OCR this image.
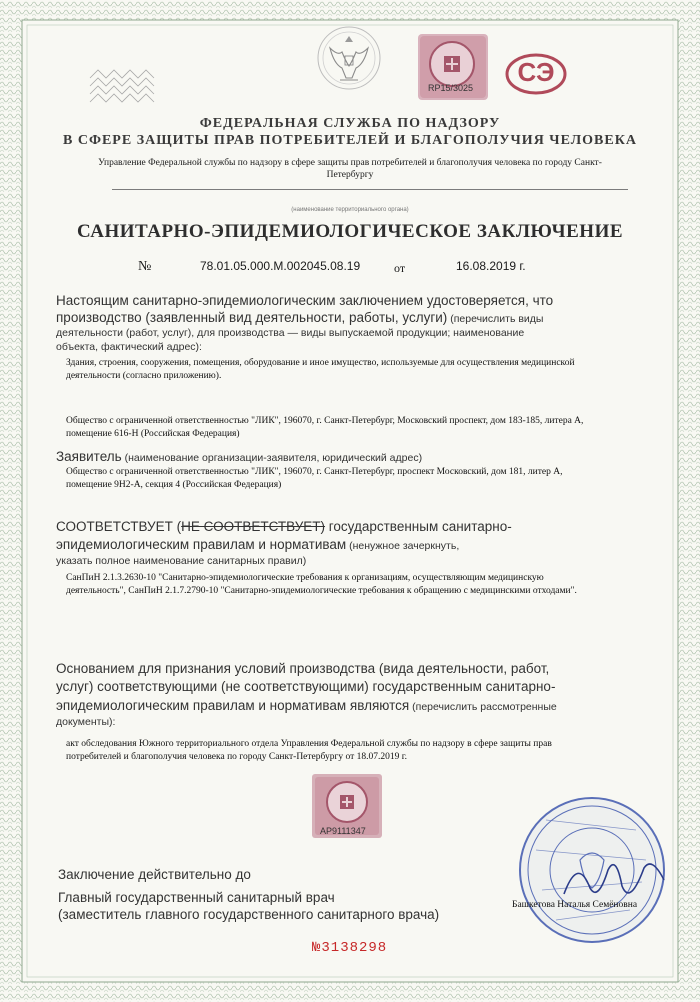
RP15/3025
СЭ
ФЕДЕРАЛЬНАЯ СЛУЖБА ПО НАДЗОРУ
В СФЕРЕ ЗАЩИТЫ ПРАВ ПОТРЕБИТЕЛЕЙ И БЛАГОПОЛУЧИЯ ЧЕЛОВЕКА
Управление Федеральной службы по надзору в сфере защиты прав потребителей и благополучия человека по городу Санкт-Петербургу
(наименование территориального органа)
САНИТАРНО-ЭПИДЕМИОЛОГИЧЕСКОЕ ЗАКЛЮЧЕНИЕ
№	78.01.05.000.М.002045.08.19	от	16.08.2019 г.
Настоящим санитарно-эпидемиологическим заключением удостоверяется, что
производство (заявленный вид деятельности, работы, услуги) (перечислить виды
деятельности (работ, услуг), для производства — виды выпускаемой продукции; наименование
объекта, фактический адрес):
Здания, строения, сооружения, помещения, оборудование и иное имущество, используемые для осуществления медицинской
деятельности (согласно приложению).
Общество с ограниченной ответственностью "ЛИК", 196070, г. Санкт-Петербург, Московский проспект, дом 183-185, литера А,
помещение 616-Н (Российская Федерация)
Заявитель (наименование организации-заявителя, юридический адрес)
Общество с ограниченной ответственностью "ЛИК", 196070, г. Санкт-Петербург, проспект Московский, дом 181, литер А,
помещение 9Н2-А, секция 4 (Российская Федерация)
СООТВЕТСТВУЕТ (НЕ СООТВЕТСТВУЕТ) государственным санитарно-
эпидемиологическим правилам и нормативам (ненужное зачеркнуть,
указать полное наименование санитарных правил)
СанПиН 2.1.3.2630-10 "Санитарно-эпидемиологические требования к организациям, осуществляющим медицинскую
деятельность", СанПиН 2.1.7.2790-10 "Санитарно-эпидемиологические требования к обращению с медицинскими отходами".
Основанием для признания условий производства (вида деятельности, работ,
услуг) соответствующими (не соответствующими) государственным санитарно-
эпидемиологическим правилам и нормативам являются (перечислить рассмотренные
документы):
акт обследования Южного территориального отдела Управления Федеральной службы по надзору в сфере защиты прав
потребителей и благополучия человека по городу Санкт-Петербургу от 18.07.2019 г.
AP9111347
Заключение действительно до
Главный государственный санитарный врач
(заместитель главного государственного санитарного врача)
Башкетова Наталья Семёновна
№3138298
